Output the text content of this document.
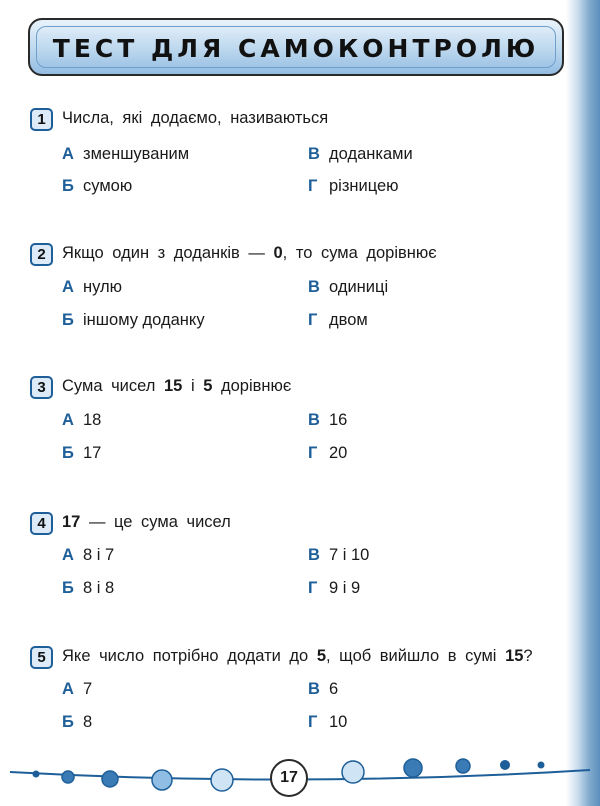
ТЕСТ ДЛЯ САМОКОНТРОЛЮ
1 Числа, які додаємо, називаються
А зменшуваним	В доданками
Б сумою	Г різницею
2 Якщо один з доданків — 0, то сума дорівнює
А нулю	В одиниці
Б іншому доданку	Г двом
3 Сума чисел 15 і 5 дорівнює
А 18	В 16
Б 17	Г 20
4 17 — це сума чисел
А 8 і 7	В 7 і 10
Б 8 і 8	Г 9 і 9
5 Яке число потрібно додати до 5, щоб вийшло в сумі 15?
А 7	В 6
Б 8	Г 10
17
